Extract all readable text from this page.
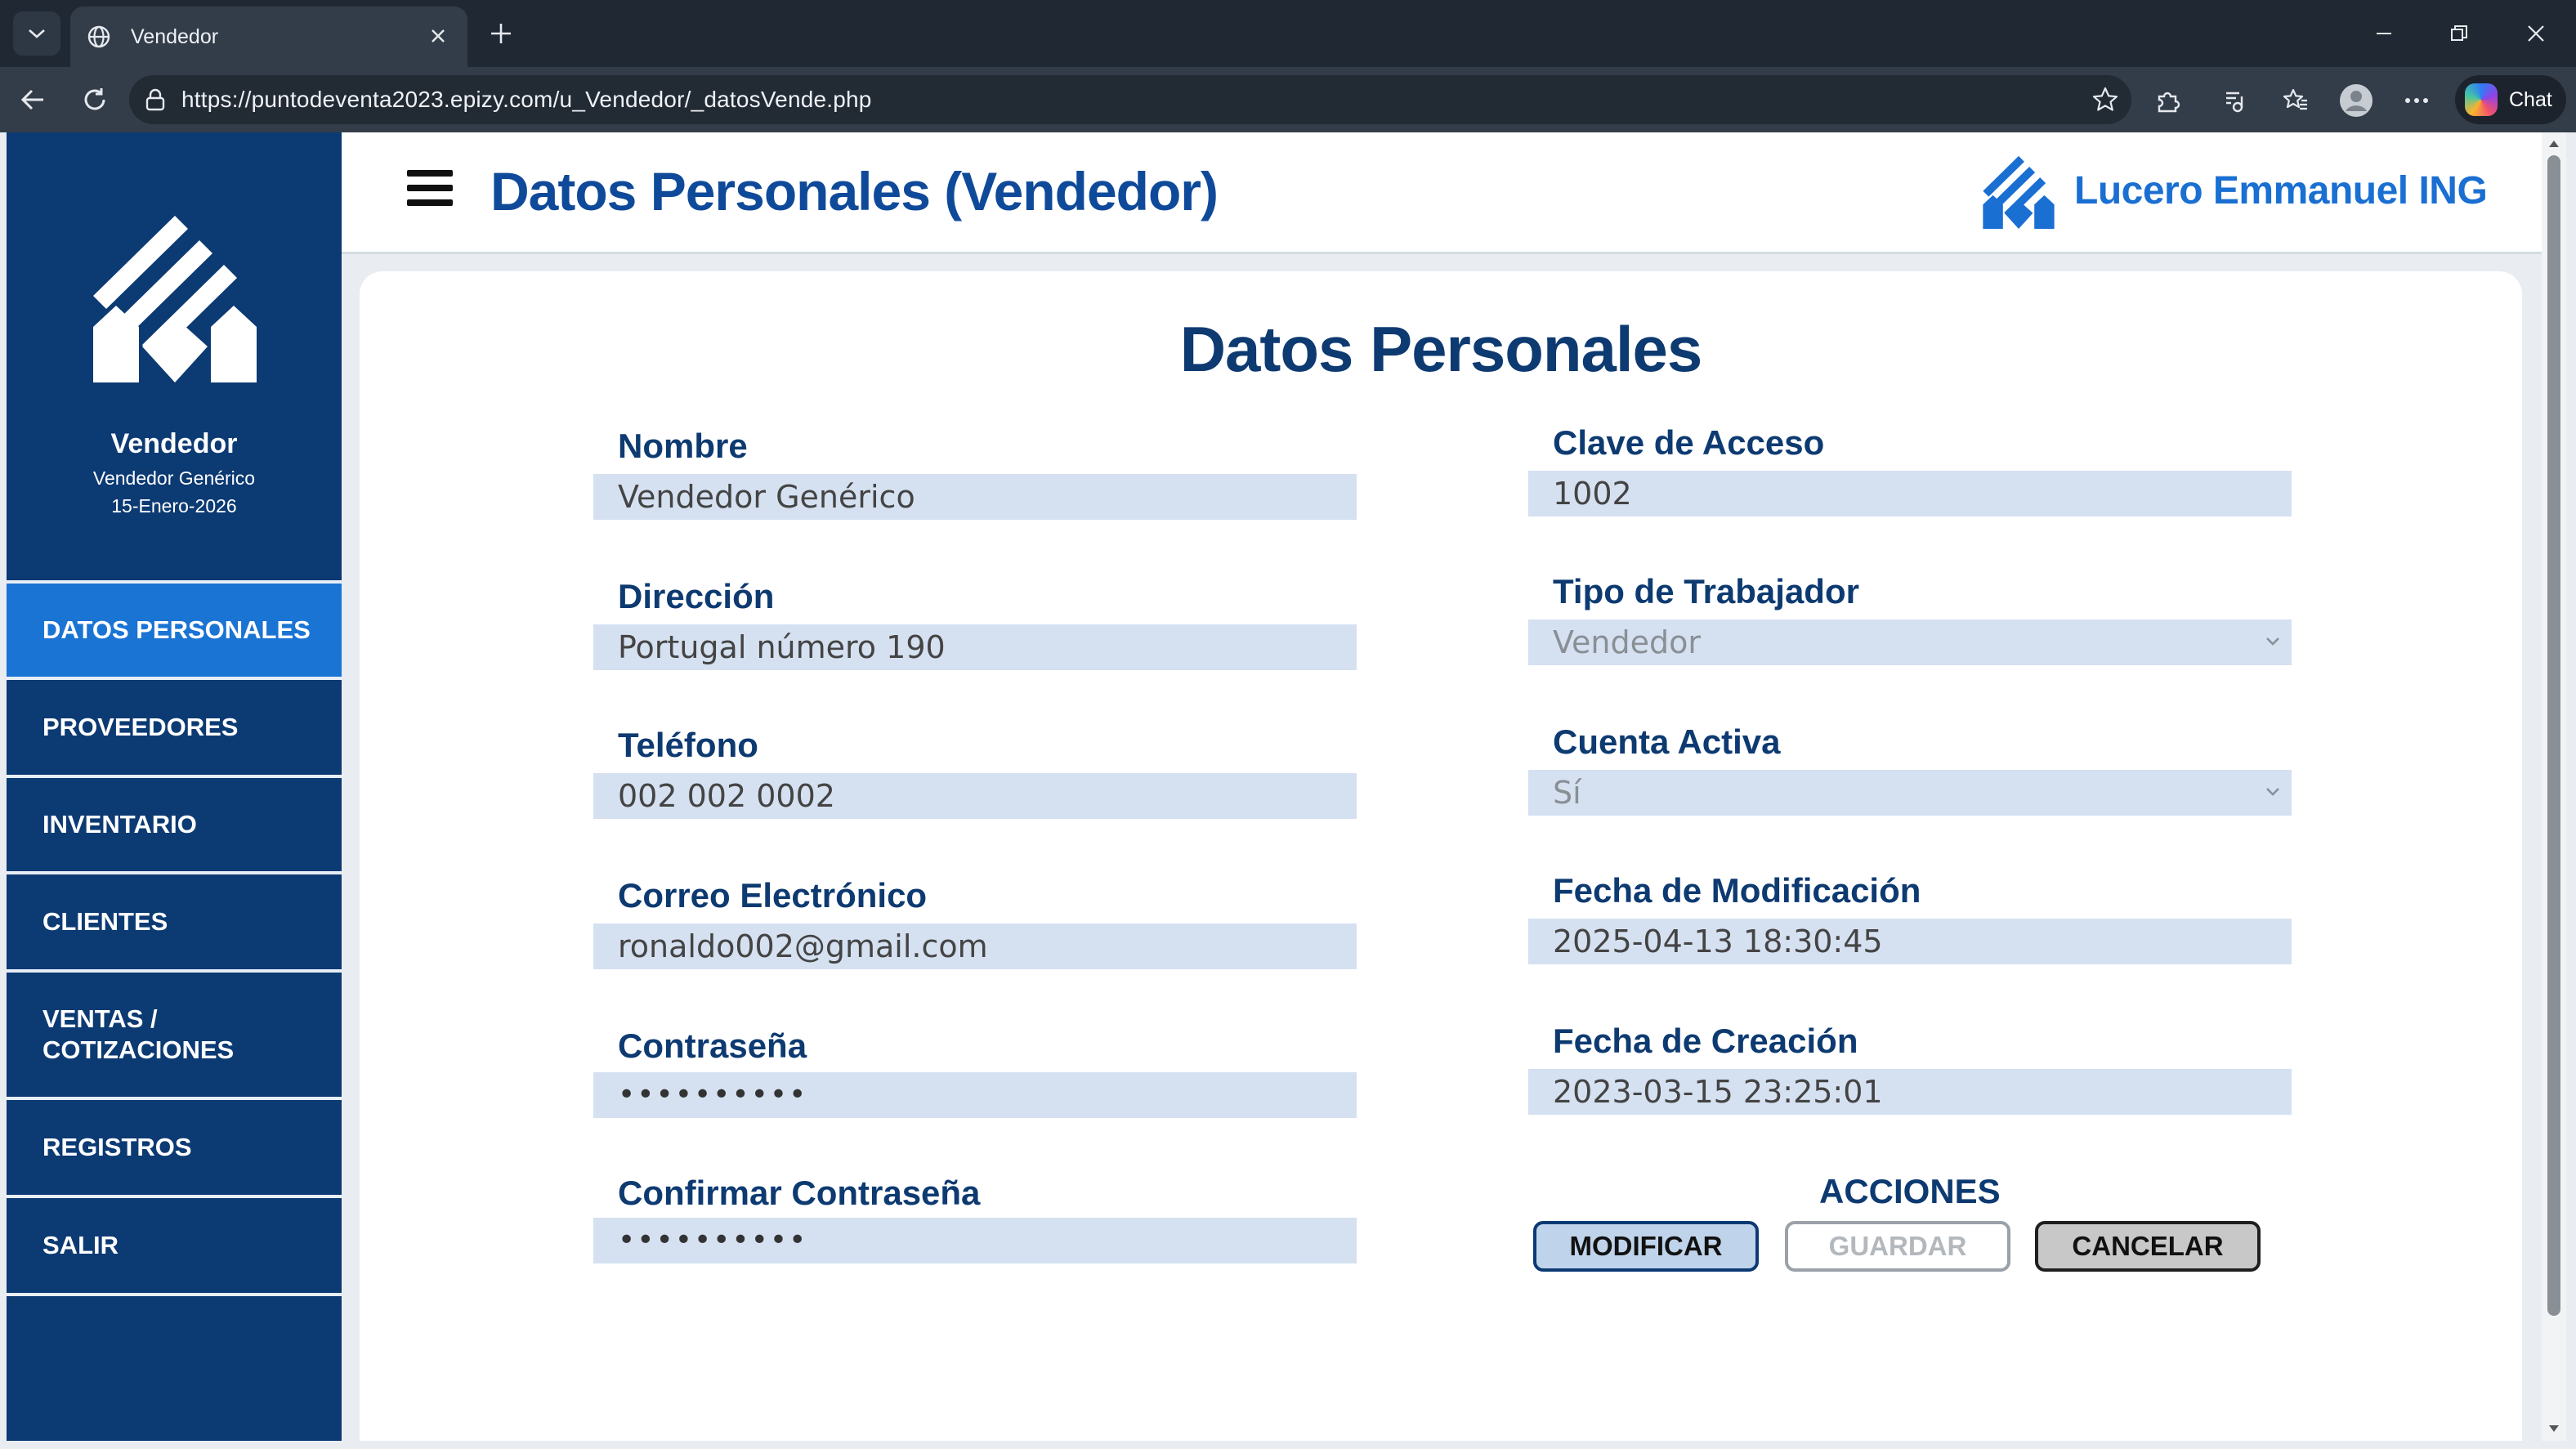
Vendedor
https://puntodeventa2023.epizy.com/u_Vendedor/_datosVende.php	Chat
Vendedor
Vendedor Genérico
15-Enero-2026
DATOS PERSONALES
PROVEEDORES
INVENTARIO
CLIENTES
VENTAS / COTIZACIONES
REGISTROS
SALIR
Datos Personales (Vendedor)	Lucero Emmanuel ING
Datos Personales
Nombre
Vendedor Genérico
Dirección
Portugal número 190
Teléfono
002 002 0002
Correo Electrónico
ronaldo002@gmail.com
Contraseña
••••••••••
Confirmar Contraseña
••••••••••
Clave de Acceso
1002
Tipo de Trabajador
Vendedor
Cuenta Activa
Sí
Fecha de Modificación
2025-04-13 18:30:45
Fecha de Creación
2023-03-15 23:25:01
ACCIONES
MODIFICAR	GUARDAR	CANCELAR
